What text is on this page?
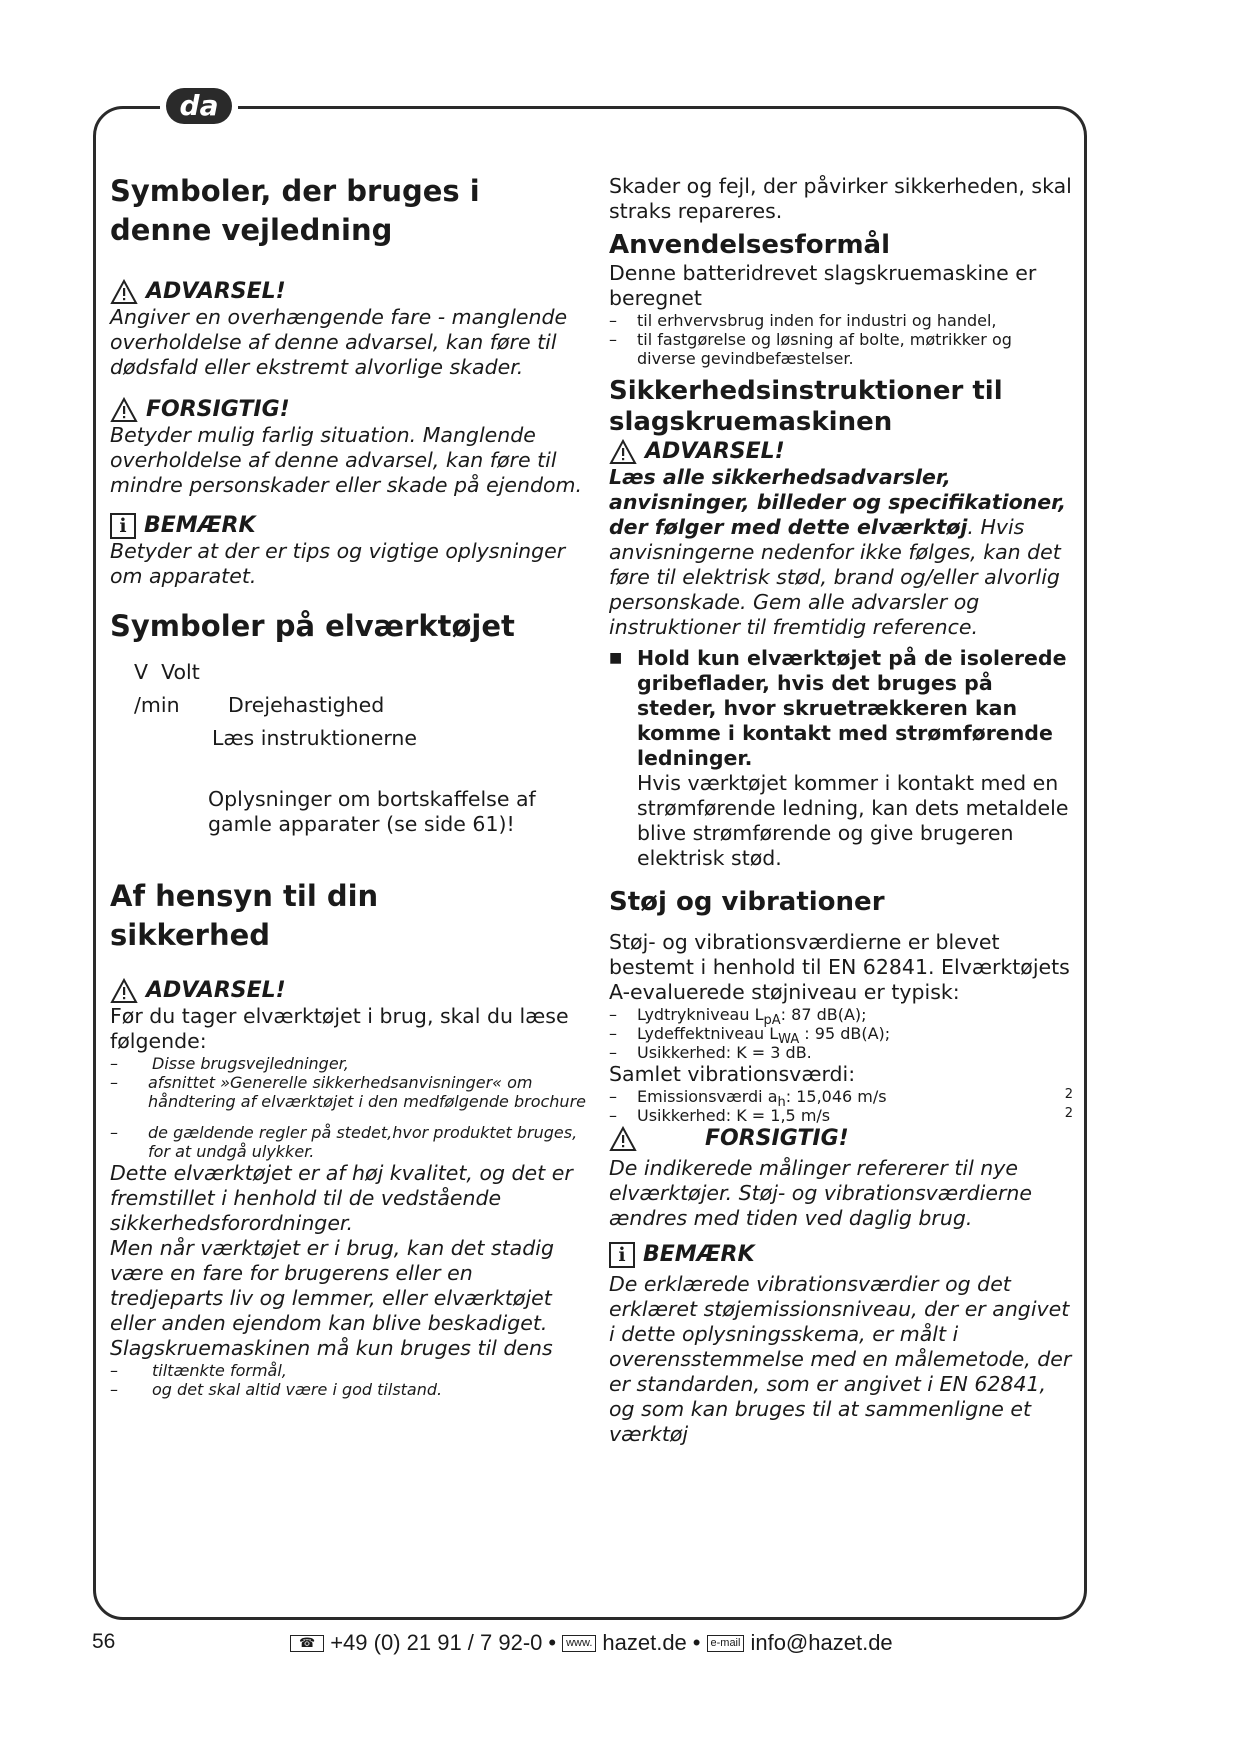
da
Symboler, der bruges i denne vejledning
ADVARSEL!

Angiver en overhængende fare - manglende overholdelse af denne advarsel, kan føre til dødsfald eller ekstremt alvorlige skader.

FORSIGTIG!

Betyder mulig farlig situation. Manglende overholdelse af denne advarsel, kan føre til mindre personskader eller skade på ejendom.

i BEMÆRK

Betyder at der er tips og vigtige oplysninger om apparatet.

Symboler på elværktøjet
V Volt
/min	Drejehastighed
Læs instruktionerne
Oplysninger om bortskaffelse af gamle apparater (se side 61)!
Af hensyn til din sikkerhed
ADVARSEL!

Før du tager elværktøjet i brug, skal du læse følgende:

–	Disse brugsvejledninger,
–	afsnittet »Generelle sikkerhedsanvisninger« om håndtering af elværktøjet i den medfølgende brochure
–	de gældende regler på stedet,hvor produktet bruges, for at undgå ulykker.

Dette elværktøjet er af høj kvalitet, og det er fremstillet i henhold til de vedstående sikkerhedsforordninger.

Men når værktøjet er i brug, kan det stadig være en fare for brugerens eller en tredjeparts liv og lemmer, eller elværktøjet eller anden ejendom kan blive beskadiget.

Slagskruemaskinen må kun bruges til dens

–	tiltænkte formål,
–	og det skal altid være i god tilstand.

Skader og fejl, der påvirker sikkerheden, skal straks repareres.

Anvendelsesformål

Denne batteridrevet slagskruemaskine er beregnet

–	til erhvervsbrug inden for industri og handel,
–	til fastgørelse og løsning af bolte, møtrikker og diverse gevindbefæstelser.
Sikkerhedsinstruktioner til slagskruemaskinen
ADVARSEL!

Læs alle sikkerhedsadvarsler, anvisninger, billeder og specifikationer, der følger med dette elværktøj. Hvis anvisningerne nedenfor ikke følges, kan det føre til elektrisk stød, brand og/eller alvorlig personskade. Gem alle advarsler og instruktioner til fremtidig reference.

■ Hold kun elværktøjet på de isolerede gribeflader, hvis det bruges på steder, hvor skruetrækkeren kan komme i kontakt med strømførende ledninger.

Hvis værktøjet kommer i kontakt med en strømførende ledning, kan dets metaldele blive strømførende og give brugeren elektrisk stød.

Støj og vibrationer

Støj- og vibrationsværdierne er blevet bestemt i henhold til EN 62841. Elværktøjets A-evaluerede støjniveau er typisk:

–	Lydtrykniveau $L_{pA}$: 87 dB(A);
–	Lydeffektniveau $L_{WA}$ : 95 dB(A);
–	Usikkerhed: K = 3 dB.

Samlet vibrationsværdi:

–	Emissionsværdi $a_h$: 15,046 m/s	2
–	Usikkerhed: K = 1,5 m/s	2
FORSIGTIG!

De indikerede målinger refererer til nye elværktøjer. Støj- og vibrationsværdierne ændres med tiden ved daglig brug.

i BEMÆRK

De erklærede vibrationsværdier og det erklæret støjemissionsniveau, der er angivet i dette oplysningsskema, er målt i overensstemmelse med en målemetode, der er standarden, som er angivet i EN 62841, og som kan bruges til at sammenligne et værktøj

56	☎ +49 (0) 21 91 / 7 92-0 • www. hazet.de • e-mail info@hazet.de
